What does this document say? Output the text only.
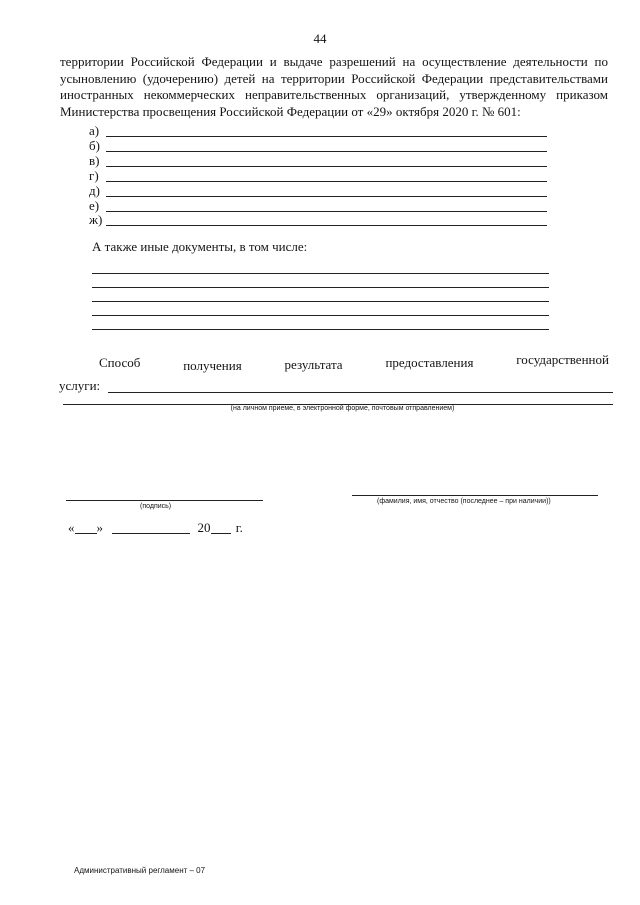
44
территории Российской Федерации и выдаче разрешений на осуществление деятельности по
усыновлению (удочерению) детей на территории Российской Федерации представительствами
иностранных некоммерческих неправительственных организаций, утвержденному приказом
Министерства просвещения Российской Федерации от «29» октября 2020 г. № 601:
а)
б)
в)
г)
д)
е)
ж)
А также иные документы, в том числе:
Способ	получения	результата	предоставления	государственной
услуги:
(на личном приеме, в электронной форме, почтовым отправлением)
(подпись)
(фамилия, имя, отчество (последнее – при наличии))
« »	20 г.
Административный регламент – 07
